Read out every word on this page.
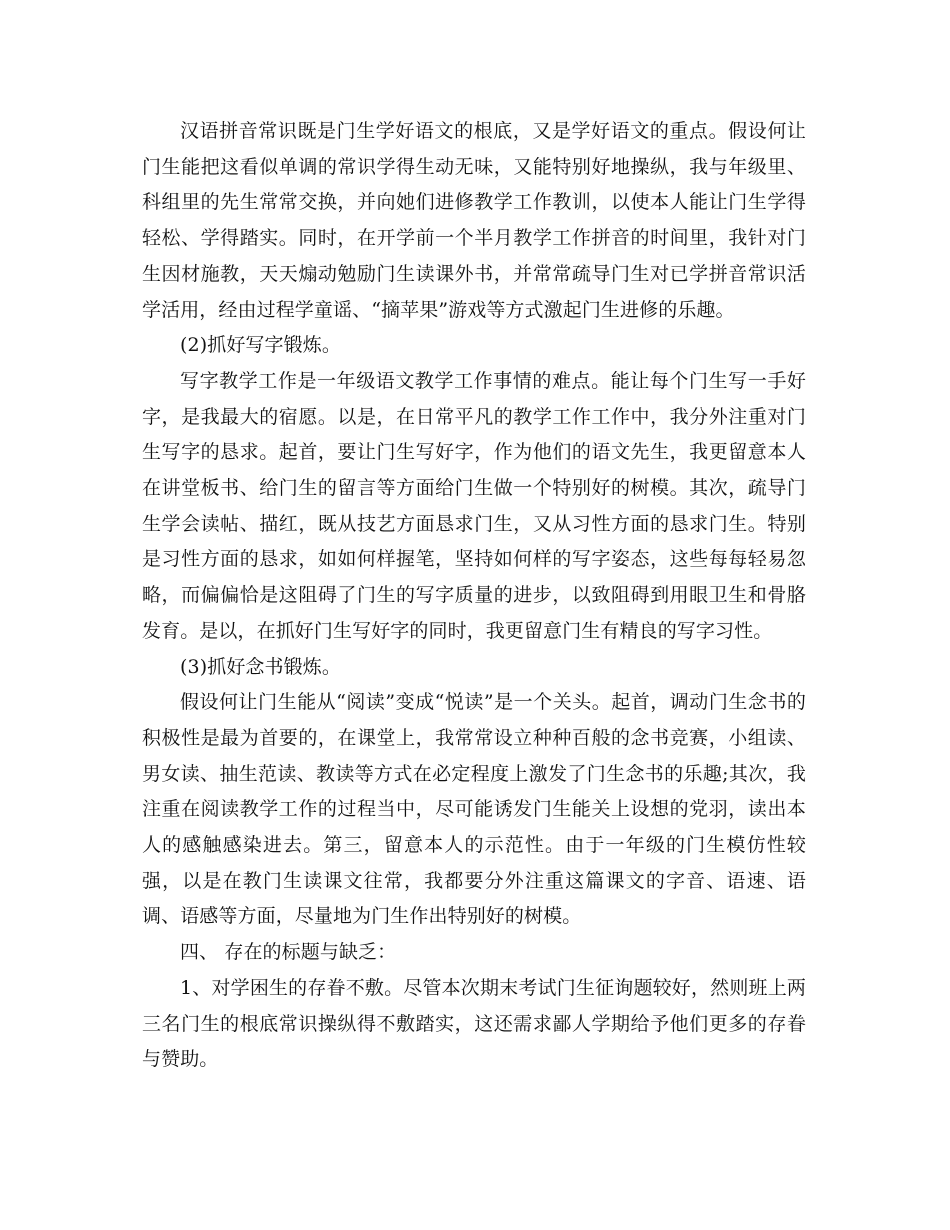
汉语拼音常识既是门生学好语文的根底，又是学好语文的重点。假设何让门生能把这看似单调的常识学得生动无味，又能特别好地操纵，我与年级里、科组里的先生常常交换，并向她们进修教学工作教训，以使本人能让门生学得轻松、学得踏实。同时，在开学前一个半月教学工作拼音的时间里，我针对门生因材施教，天天煽动勉励门生读课外书，并常常疏导门生对已学拼音常识活学活用，经由过程学童谣、“摘苹果”游戏等方式激起门生进修的乐趣。

(2)抓好写字锻炼。

写字教学工作是一年级语文教学工作事情的难点。能让每个门生写一手好字，是我最大的宿愿。以是，在日常平凡的教学工作工作中，我分外注重对门生写字的恳求。起首，要让门生写好字，作为他们的语文先生，我更留意本人在讲堂板书、给门生的留言等方面给门生做一个特别好的树模。其次，疏导门生学会读帖、描红，既从技艺方面恳求门生，又从习性方面的恳求门生。特别是习性方面的恳求，如如何样握笔，坚持如何样的写字姿态，这些每每轻易忽略，而偏偏恰是这阻碍了门生的写字质量的进步，以致阻碍到用眼卫生和骨胳发育。是以，在抓好门生写好字的同时，我更留意门生有精良的写字习性。

(3)抓好念书锻炼。

假设何让门生能从“阅读”变成“悦读”是一个关头。起首，调动门生念书的积极性是最为首要的，在课堂上，我常常设立种种百般的念书竞赛，小组读、男女读、抽生范读、教读等方式在必定程度上激发了门生念书的乐趣;其次，我注重在阅读教学工作的过程当中，尽可能诱发门生能关上设想的党羽，读出本人的感触感染进去。第三，留意本人的示范性。由于一年级的门生模仿性较强，以是在教门生读课文往常，我都要分外注重这篇课文的字音、语速、语调、语感等方面，尽量地为门生作出特别好的树模。

四、 存在的标题与缺乏：

1、对学困生的存眷不敷。尽管本次期末考试门生征询题较好，然则班上两三名门生的根底常识操纵得不敷踏实，这还需求鄙人学期给予他们更多的存眷与赞助。
